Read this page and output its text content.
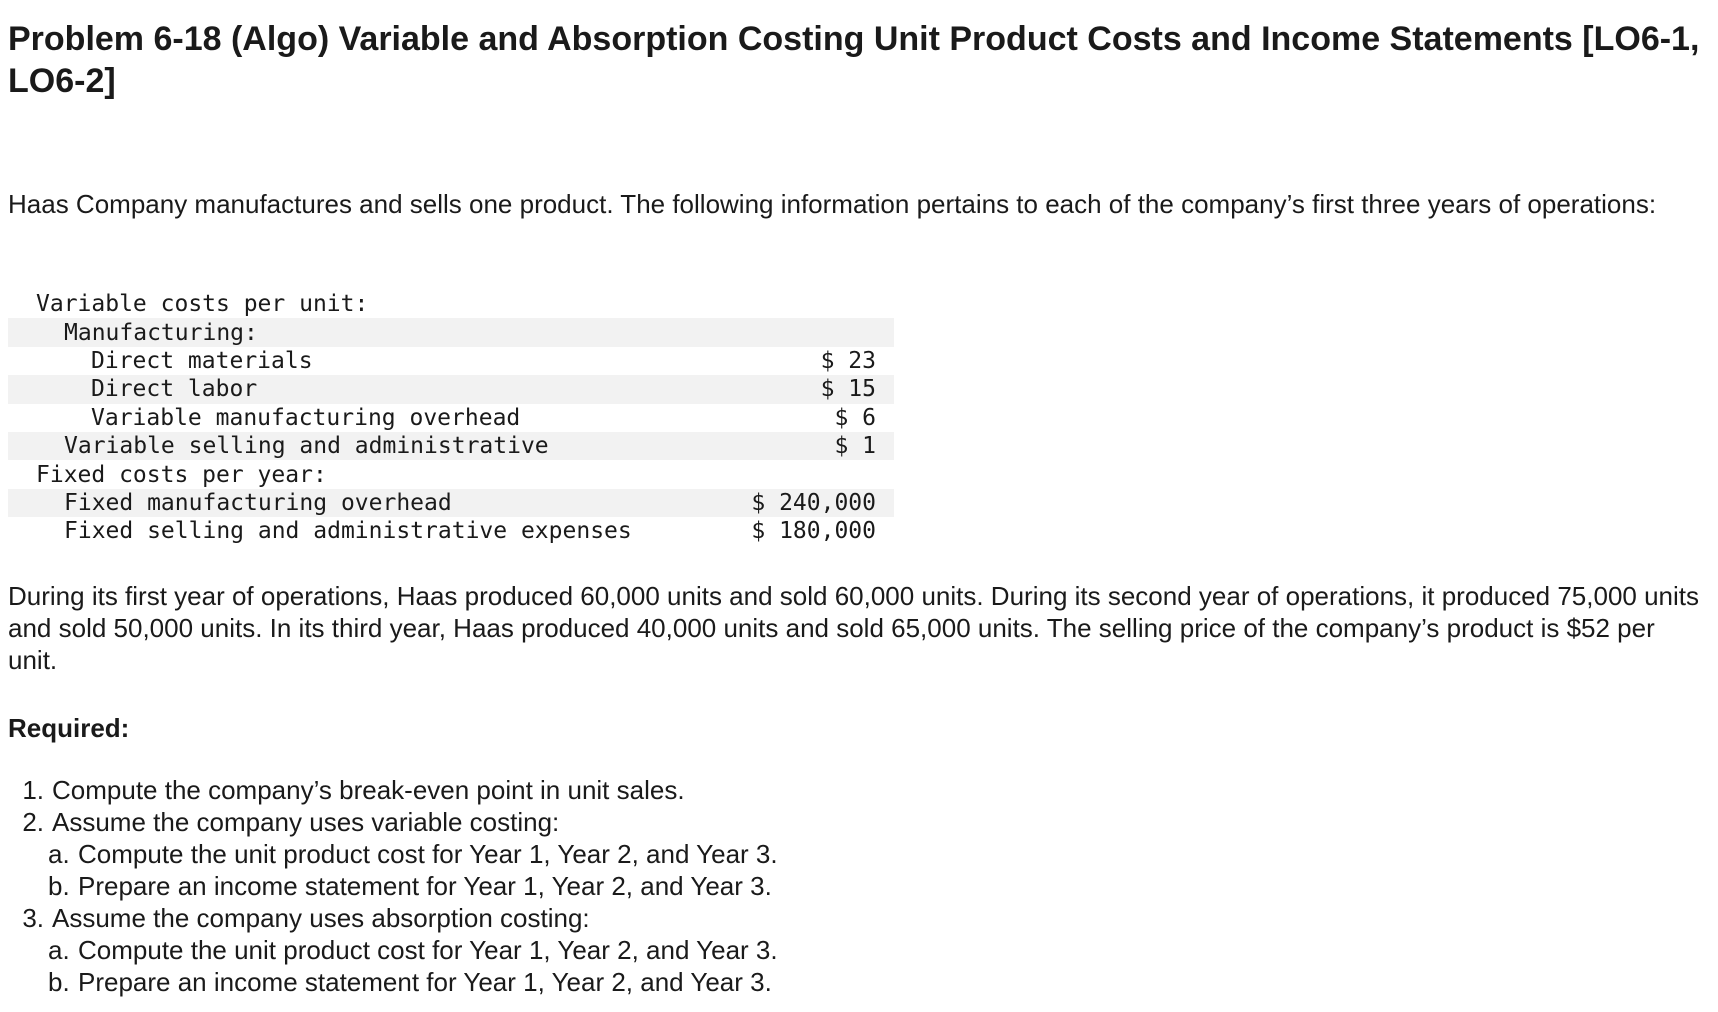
Problem 6-18 (Algo) Variable and Absorption Costing Unit Product Costs and Income Statements [LO6-1, LO6-2]

Haas Company manufactures and sells one product. The following information pertains to each of the company’s first three years of operations:

Variable costs per unit:	
Manufacturing:	
Direct materials	$ 23
Direct labor	$ 15
Variable manufacturing overhead	$ 6
Variable selling and administrative	$ 1
Fixed costs per year:	
Fixed manufacturing overhead	$ 240,000
Fixed selling and administrative expenses	$ 180,000

During its first year of operations, Haas produced 60,000 units and sold 60,000 units. During its second year of operations, it produced 75,000 units and sold 50,000 units. In its third year, Haas produced 40,000 units and sold 65,000 units. The selling price of the company’s product is $52 per unit.

Required:

1. Compute the company’s break-even point in unit sales.
2. Assume the company uses variable costing:
a. Compute the unit product cost for Year 1, Year 2, and Year 3.
b. Prepare an income statement for Year 1, Year 2, and Year 3.
3. Assume the company uses absorption costing:
a. Compute the unit product cost for Year 1, Year 2, and Year 3.
b. Prepare an income statement for Year 1, Year 2, and Year 3.
